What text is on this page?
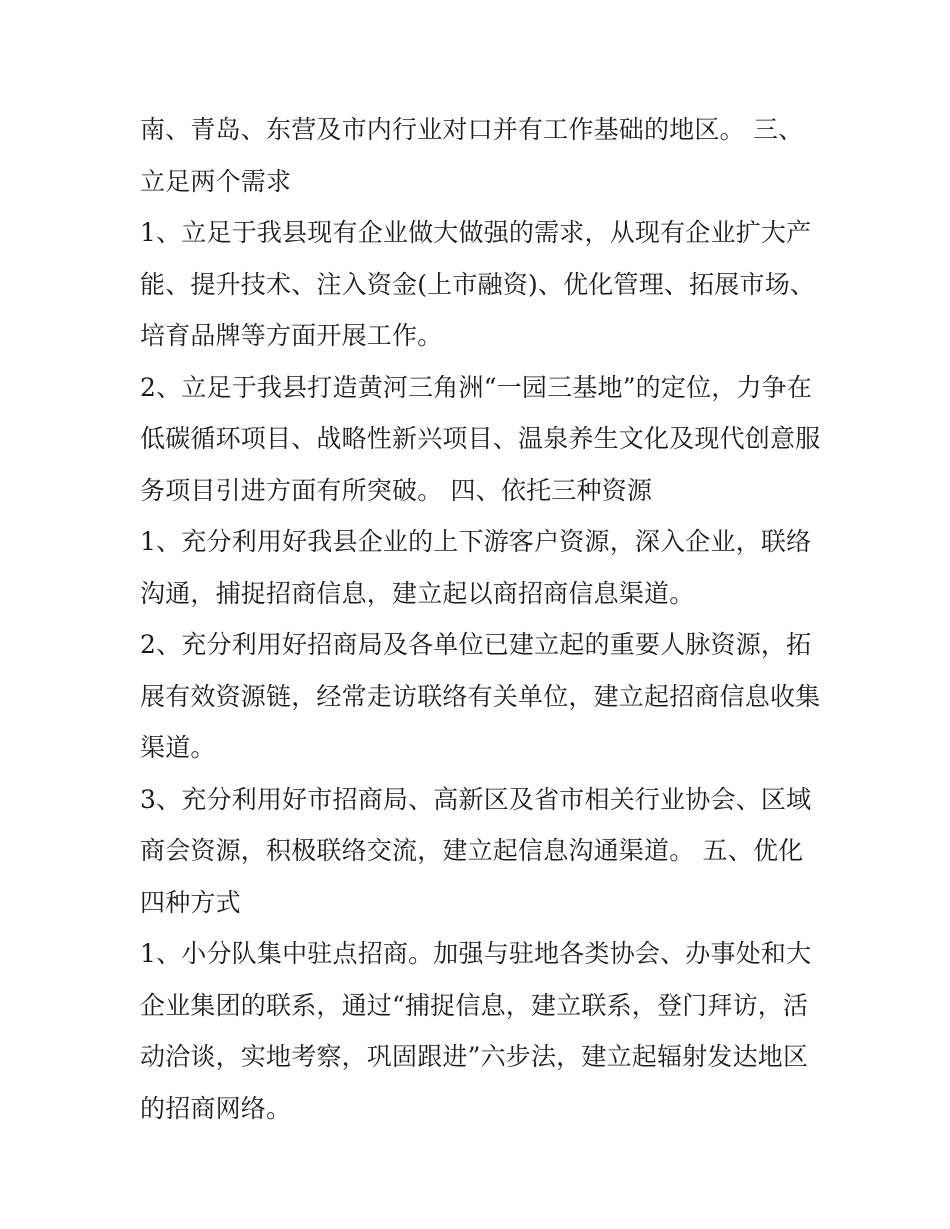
南、青岛、东营及市内行业对口并有工作基础的地区。 三、
立足两个需求
1、立足于我县现有企业做大做强的需求，从现有企业扩大产
能、提升技术、注入资金(上市融资)、优化管理、拓展市场、
培育品牌等方面开展工作。
2、立足于我县打造黄河三角洲“一园三基地”的定位，力争在
低碳循环项目、战略性新兴项目、温泉养生文化及现代创意服
务项目引进方面有所突破。 四、依托三种资源
1、充分利用好我县企业的上下游客户资源，深入企业，联络
沟通，捕捉招商信息，建立起以商招商信息渠道。
2、充分利用好招商局及各单位已建立起的重要人脉资源，拓
展有效资源链，经常走访联络有关单位，建立起招商信息收集
渠道。
3、充分利用好市招商局、高新区及省市相关行业协会、区域
商会资源，积极联络交流，建立起信息沟通渠道。 五、优化
四种方式
1、小分队集中驻点招商。加强与驻地各类协会、办事处和大
企业集团的联系，通过“捕捉信息，建立联系，登门拜访，活
动洽谈，实地考察，巩固跟进”六步法，建立起辐射发达地区
的招商网络。
